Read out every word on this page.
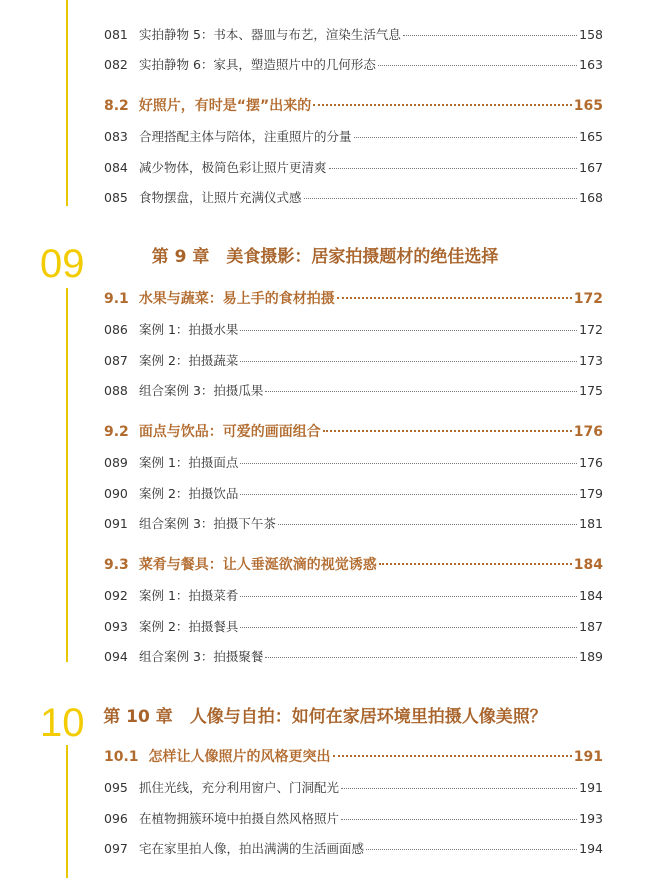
09
10
第 9 章　美食摄影：居家拍摄题材的绝佳选择
第 10 章　人像与自拍：如何在家居环境里拍摄人像美照？
081 实拍静物 5：书本、器皿与布艺，渲染生活气息	158
082 实拍静物 6：家具，塑造照片中的几何形态	163
8.2 好照片，有时是“摆”出来的	165
083 合理搭配主体与陪体，注重照片的分量	165
084 减少物体，极简色彩让照片更清爽	167
085 食物摆盘，让照片充满仪式感	168
9.1 水果与蔬菜：易上手的食材拍摄	172
086 案例 1：拍摄水果	172
087 案例 2：拍摄蔬菜	173
088 组合案例 3：拍摄瓜果	175
9.2 面点与饮品：可爱的画面组合	176
089 案例 1：拍摄面点	176
090 案例 2：拍摄饮品	179
091 组合案例 3：拍摄下午茶	181
9.3 菜肴与餐具：让人垂涎欲滴的视觉诱惑	184
092 案例 1：拍摄菜肴	184
093 案例 2：拍摄餐具	187
094 组合案例 3：拍摄聚餐	189
10.1 怎样让人像照片的风格更突出	191
095 抓住光线，充分利用窗户、门洞配光	191
096 在植物拥簇环境中拍摄自然风格照片	193
097 宅在家里拍人像，拍出满满的生活画面感	194
